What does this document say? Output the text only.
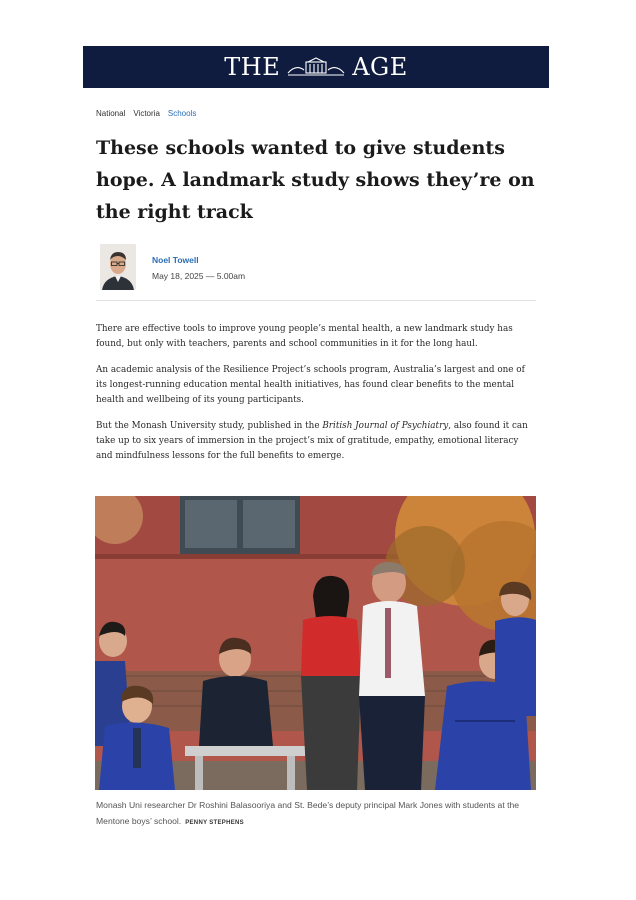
THE	AGE
National Victoria Schools
These schools wanted to give students hope. A landmark study shows they’re on the right track
Noel Towell
May 18, 2025 — 5.00am

There are effective tools to improve young people’s mental health, a new landmark study has found, but only with teachers, parents and school communities in it for the long haul.

An academic analysis of the Resilience Project’s schools program, Australia’s largest and one of its longest-running education mental health initiatives, has found clear benefits to the mental health and wellbeing of its young participants.

But the Monash University study, published in the British Journal of Psychiatry, also found it can take up to six years of immersion in the project’s mix of gratitude, empathy, emotional literacy and mindfulness lessons for the full benefits to emerge.

Monash Uni researcher Dr Roshini Balasooriya and St. Bede’s deputy principal Mark Jones with students at the Mentone boys’ school. PENNY STEPHENS
